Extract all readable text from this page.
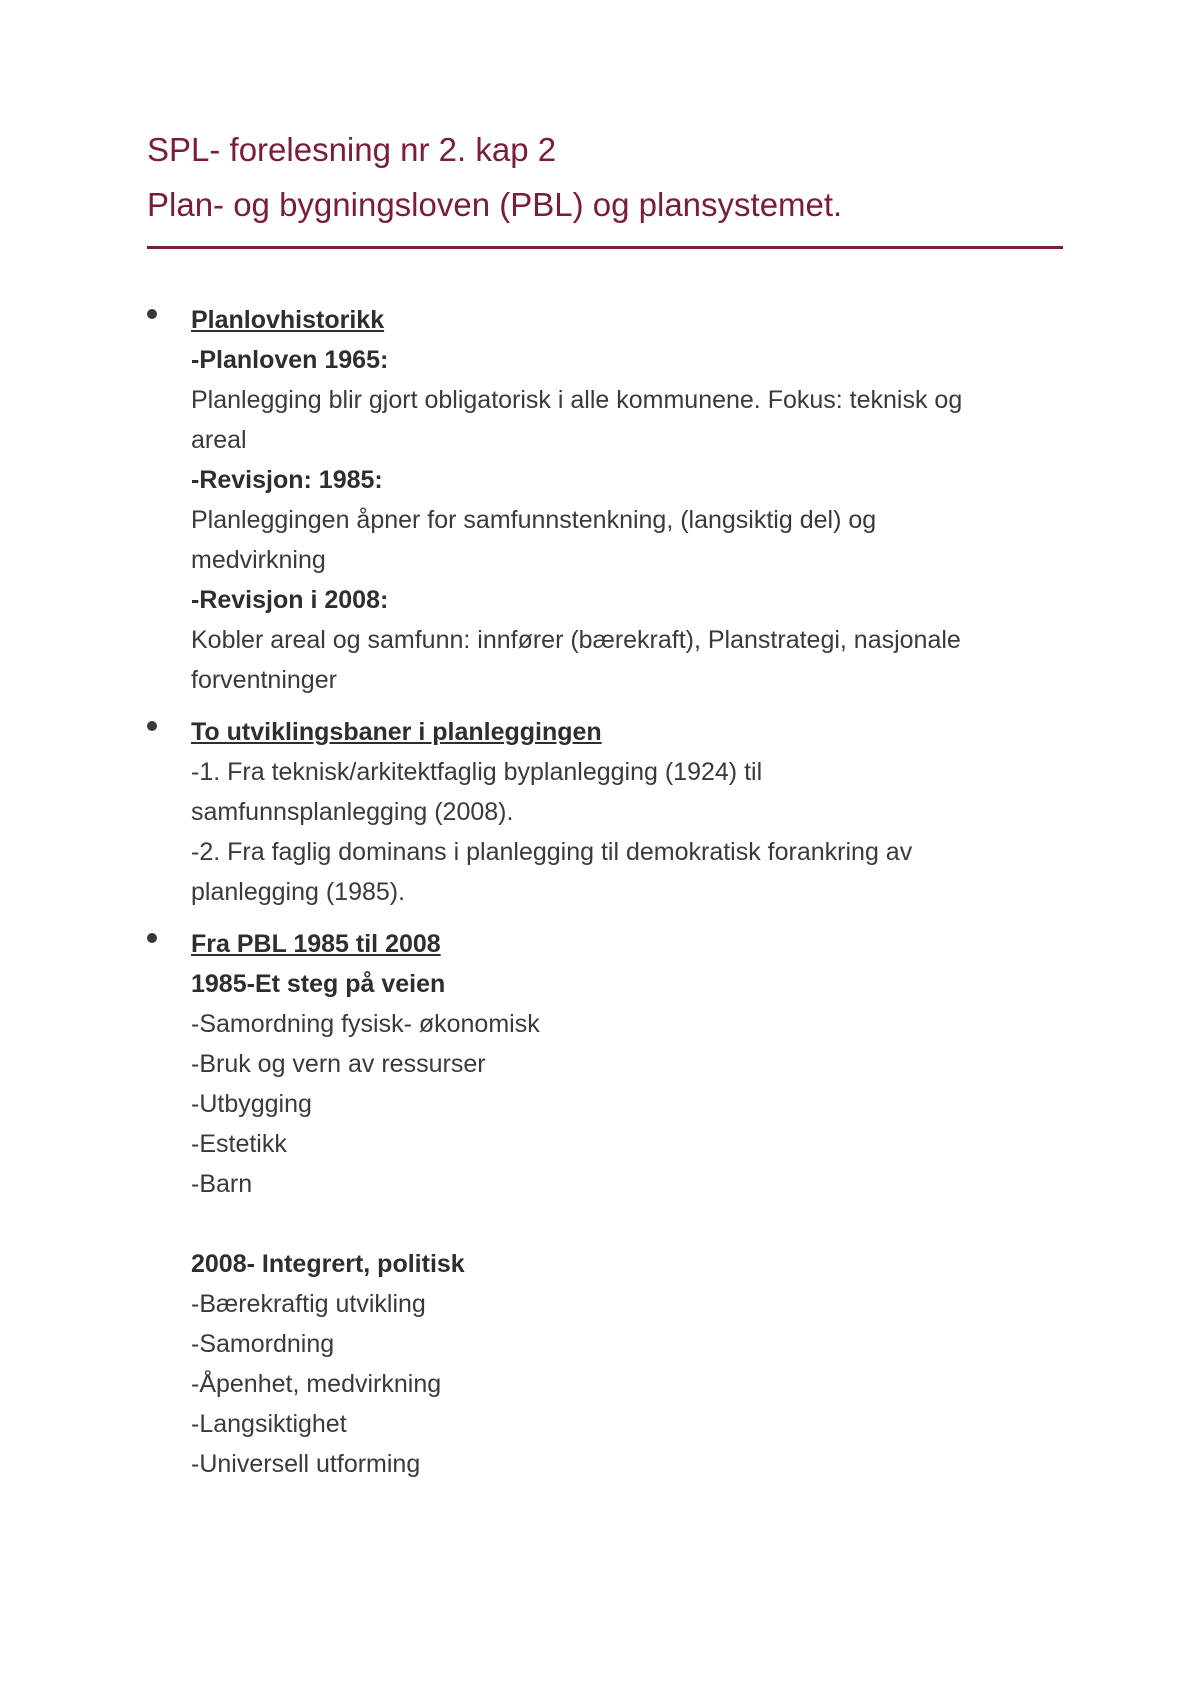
SPL- forelesning nr 2. kap 2
Plan- og bygningsloven (PBL) og plansystemet.
Planlovhistorikk
-Planloven 1965:
Planlegging blir gjort obligatorisk i alle kommunene. Fokus: teknisk og
areal
-Revisjon: 1985:
Planleggingen åpner for samfunnstenkning, (langsiktig del) og
medvirkning
-Revisjon i 2008:
Kobler areal og samfunn: innfører (bærekraft), Planstrategi, nasjonale
forventninger
To utviklingsbaner i planleggingen
-1. Fra teknisk/arkitektfaglig byplanlegging (1924) til
samfunnsplanlegging (2008).
-2. Fra faglig dominans i planlegging til demokratisk forankring av
planlegging (1985).
Fra PBL 1985 til 2008
1985-Et steg på veien
-Samordning fysisk- økonomisk
-Bruk og vern av ressurser
-Utbygging
-Estetikk
-Barn
2008- Integrert, politisk
-Bærekraftig utvikling
-Samordning
-Åpenhet, medvirkning
-Langsiktighet
-Universell utforming
